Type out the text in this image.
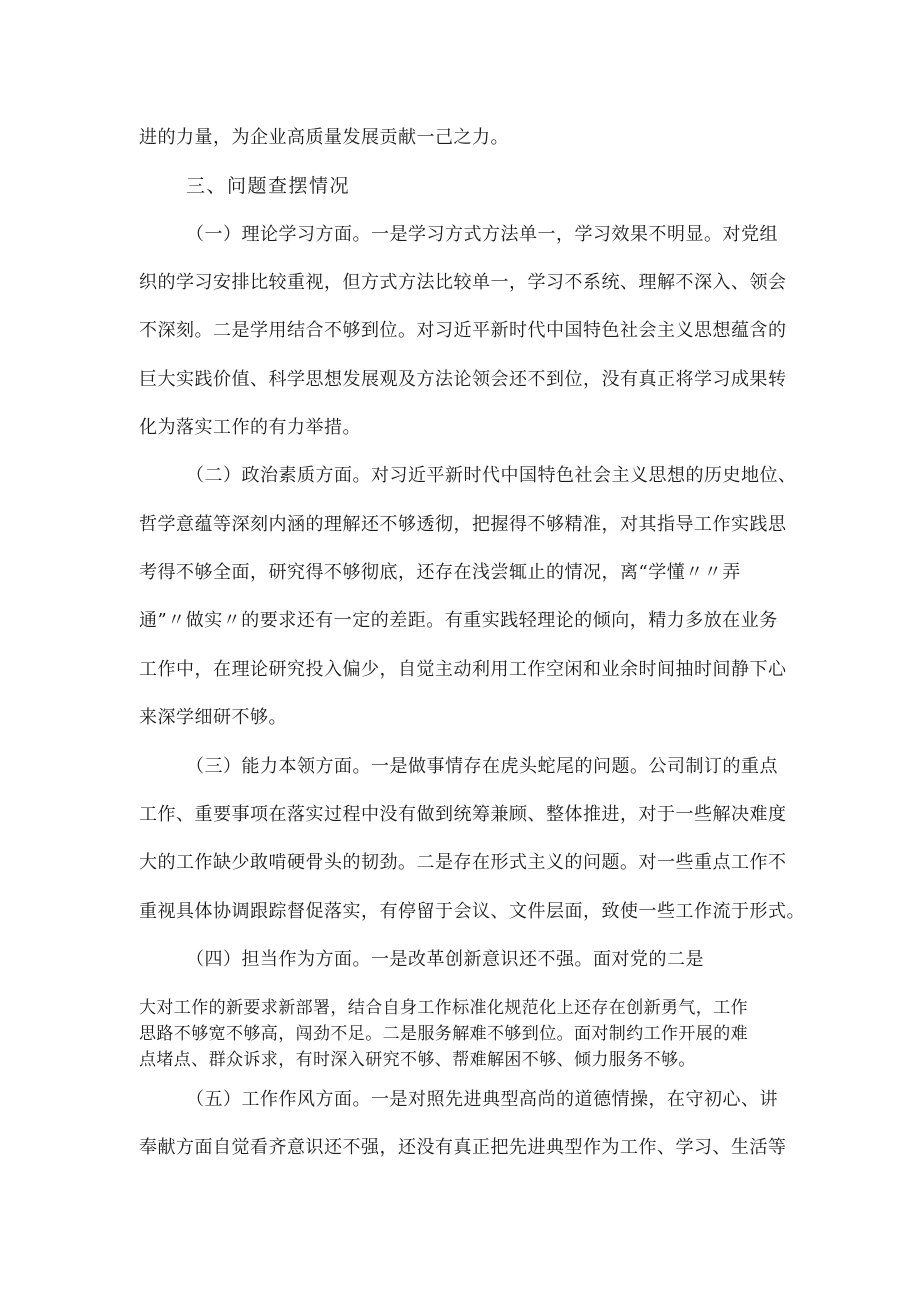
进的力量，为企业高质量发展贡献一己之力。

三、问题查摆情况

（一）理论学习方面。一是学习方式方法单一，学习效果不明显。对党组

织的学习安排比较重视，但方式方法比较单一，学习不系统、理解不深入、领会

不深刻。二是学用结合不够到位。对习近平新时代中国特色社会主义思想蕴含的

巨大实践价值、科学思想发展观及方法论领会还不到位，没有真正将学习成果转

化为落实工作的有力举措。

（二）政治素质方面。对习近平新时代中国特色社会主义思想的历史地位、

哲学意蕴等深刻内涵的理解还不够透彻，把握得不够精准，对其指导工作实践思

考得不够全面，研究得不够彻底，还存在浅尝辄止的情况，离“学懂〃〃弄

通”〃做实〃的要求还有一定的差距。有重实践轻理论的倾向，精力多放在业务

工作中，在理论研究投入偏少，自觉主动利用工作空闲和业余时间抽时间静下心

来深学细研不够。

（三）能力本领方面。一是做事情存在虎头蛇尾的问题。公司制订的重点

工作、重要事项在落实过程中没有做到统筹兼顾、整体推进，对于一些解决难度

大的工作缺少敢啃硬骨头的韧劲。二是存在形式主义的问题。对一些重点工作不

重视具体协调跟踪督促落实，有停留于会议、文件层面，致使一些工作流于形式。

（四）担当作为方面。一是改革创新意识还不强。面对党的二是

大对工作的新要求新部署，结合自身工作标准化规范化上还存在创新勇气，工作

思路不够宽不够高，闯劲不足。二是服务解难不够到位。面对制约工作开展的难

点堵点、群众诉求，有时深入研究不够、帮难解困不够、倾力服务不够。

（五）工作作风方面。一是对照先进典型高尚的道德情操，在守初心、讲

奉献方面自觉看齐意识还不强，还没有真正把先进典型作为工作、学习、生活等
